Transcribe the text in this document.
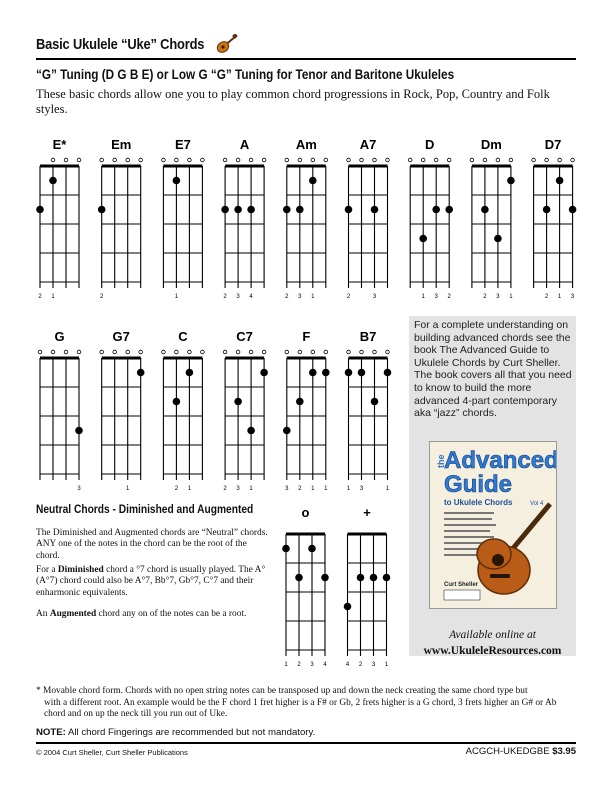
Basic Ukulele “Uke” Chords
“G” Tuning (D G B E) or Low G “G” Tuning for Tenor and Baritone Ukuleles
These basic chords allow one you to play common chord progressions in Rock, Pop, Country and Folk styles.
E*
2 1
Em
2
E7
1
A
2 3 4
Am
2 3 1
A7
2	3
D
1 3 2
Dm
2 3 1
D7
2 1 3
G
3
G7
1
C
2 1
C7
2 3 1
F
3 2 1 1
B7
1 3	1
o
1 2 3 4
+
4 2 3 1
For a complete understanding on building advanced chords see the book The Advanced Guide to Ukulele Chords by Curt Sheller. The book covers all that you need to know to build the more advanced 4-part contemporary aka “jazz” chords.
the
Advanced
Guide
to Ukulele Chords	Vol 4
Curt Sheller
Available online at
www.UkuleleResources.com
Neutral Chords - Diminished and Augmented
The Diminished and Augmented chords are “Neutral” chords. ANY one of the notes in the chord can be the root of the chord.
For a Diminished chord a °7 chord is usually played. The A° (A°7) chord could also be A°7, Bb°7, Gb°7, C°7 and their enharmonic equivalents.
An Augmented chord any on of the notes can be a root.
* Movable chord form. Chords with no open string notes can be transposed up and down the neck creating the same chord type but
with a different root. An example would be the F chord 1 fret higher is a F# or Gb, 2 frets higher is a G chord, 3 frets higher an G# or Ab chord and on up the neck till you run out of Uke.
NOTE: All chord Fingerings are recommended but not mandatory.
© 2004 Curt Sheller, Curt Sheller Publications	ACGCH-UKEDGBE $3.95
